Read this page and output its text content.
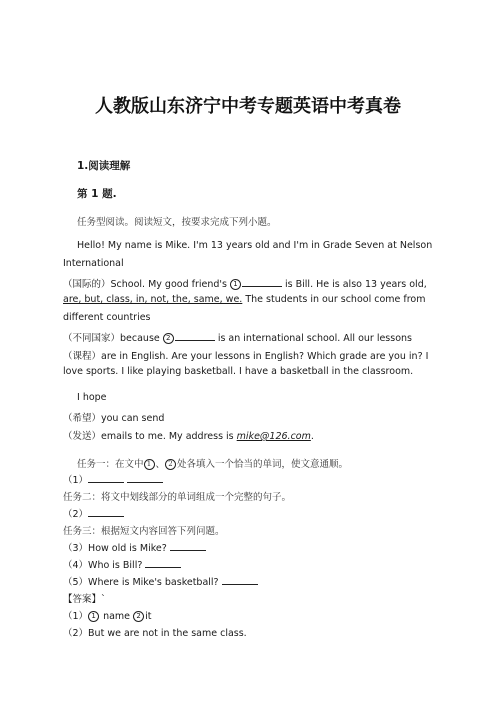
人教版山东济宁中考专题英语中考真卷
1.阅读理解
第 1 题.
任务型阅读。阅读短文，按要求完成下列小题。
Hello! My name is Mike. I'm 13 years old and I'm in Grade Seven at Nelson
International
（国际的）School. My good friend's 1	is Bill. He is also 13 years old,
are, but, class, in, not, the, same, we. The students in our school come from
different countries
（不同国家）because 2	is an international school. All our lessons
（课程）are in English. Are your lessons in English? Which grade are you in? I
love sports. I like playing basketball. I have a basketball in the classroom.
I hope
（希望）you can send
（发送）emails to me. My address is mike@126.com.
任务一：在文中 1 、 2 处各填入一个恰当的单词，使文意通顺。
（1）
任务二：将文中划线部分的单词组成一个完整的句子。
（2）
任务三：根据短文内容回答下列问题。
（3）How old is Mike?
（4）Who is Bill?
（5）Where is Mike's basketball?
【答案】`
（1） 1 name 2 it
（2）But we are not in the same class.
